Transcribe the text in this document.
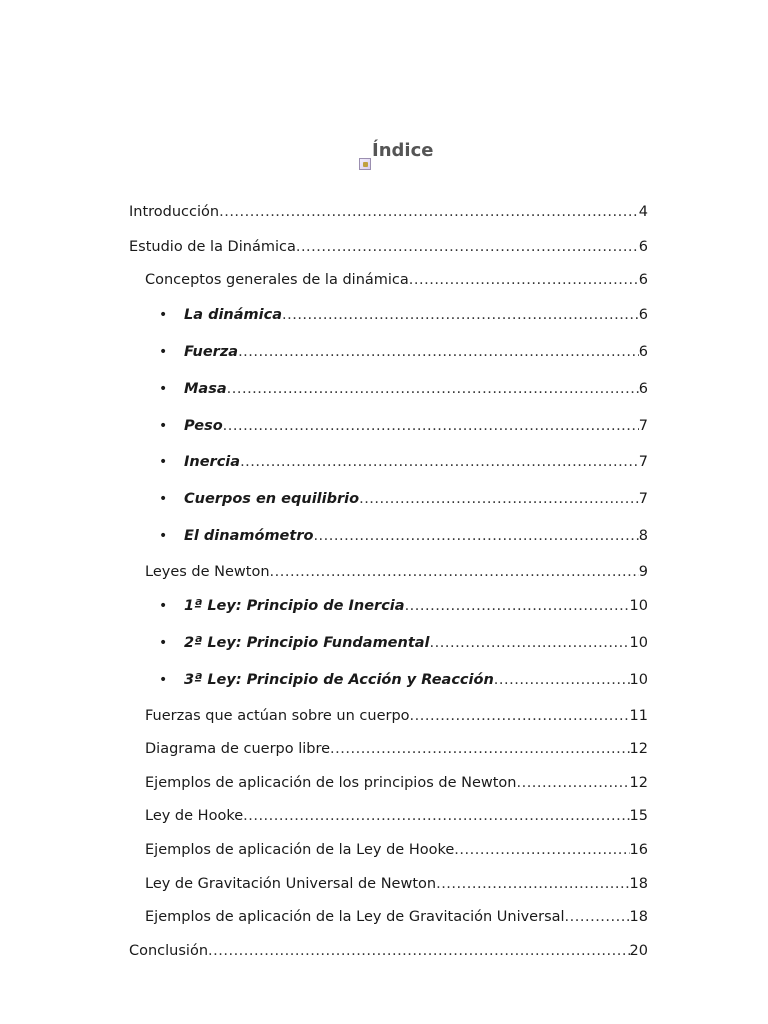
Índice
Introducción .....	4
Estudio de la Dinámica .....	6
Conceptos generales de la dinámica .....	6
• La dinámica .....	6
• Fuerza .....	6
• Masa .....	6
• Peso .....	7
• Inercia .....	7
• Cuerpos en equilibrio .....	7
• El dinamómetro .....	8
Leyes de Newton .....	9
• 1ª Ley: Principio de Inercia .....	10
• 2ª Ley: Principio Fundamental .....	10
• 3ª Ley: Principio de Acción y Reacción .....	10
Fuerzas que actúan sobre un cuerpo .....	11
Diagrama de cuerpo libre .....	12
Ejemplos de aplicación de los principios de Newton .....	12
Ley de Hooke .....	15
Ejemplos de aplicación de la Ley de Hooke .....	16
Ley de Gravitación Universal de Newton .....	18
Ejemplos de aplicación de la Ley de Gravitación Universal .....	18
Conclusión .....	20
